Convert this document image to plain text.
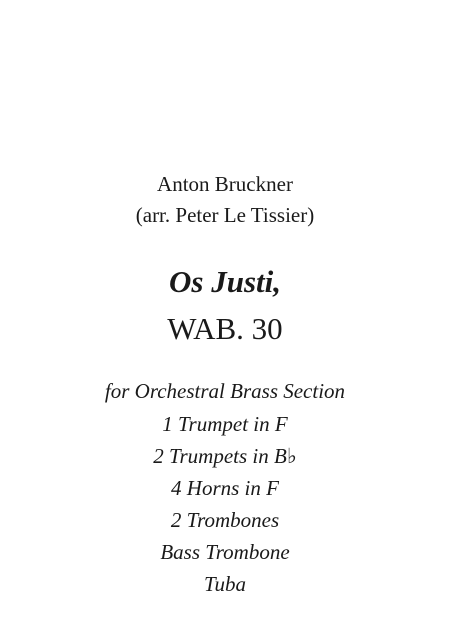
Anton Bruckner
(arr. Peter Le Tissier)
Os Justi,
WAB. 30
for Orchestral Brass Section
1 Trumpet in F
2 Trumpets in B♭
4 Horns in F
2 Trombones
Bass Trombone
Tuba
